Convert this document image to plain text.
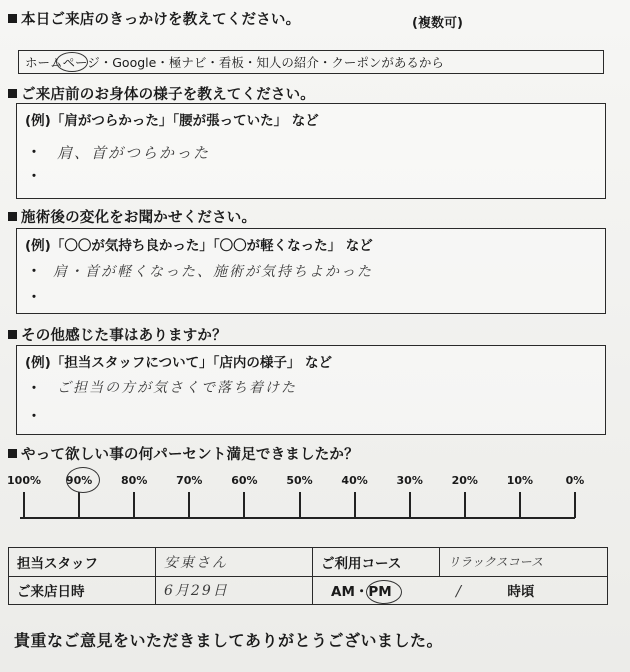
本日ご来店のきっかけを教えてください。	(複数可)
ホームページ・Google・極ナビ・看板・知人の紹介・クーポンがあるから
ご来店前のお身体の様子を教えてください。
(例)「肩がつらかった」「腰が張っていた」 など
・ 肩、首がつらかった
・
施術後の変化をお聞かせください。
(例)「〇〇が気持ち良かった」「〇〇が軽くなった」 など
・ 肩・首が軽くなった、施術が気持ちよかった
・
その他感じた事はありますか？
(例)「担当スタッフについて」「店内の様子」 など
・ ご担当の方が気さくで落ち着けた
・
やって欲しい事の何パーセント満足できましたか？
100% 90%	80%	70%	60%	50%	40%	30%	20%	10%	0%
担当スタッフ	安東さん	ご利用コース	リラックスコース
ご来店日時	6月29日	AM・PM / 時頃	
貴重なご意見をいただきましてありがとうございました。
